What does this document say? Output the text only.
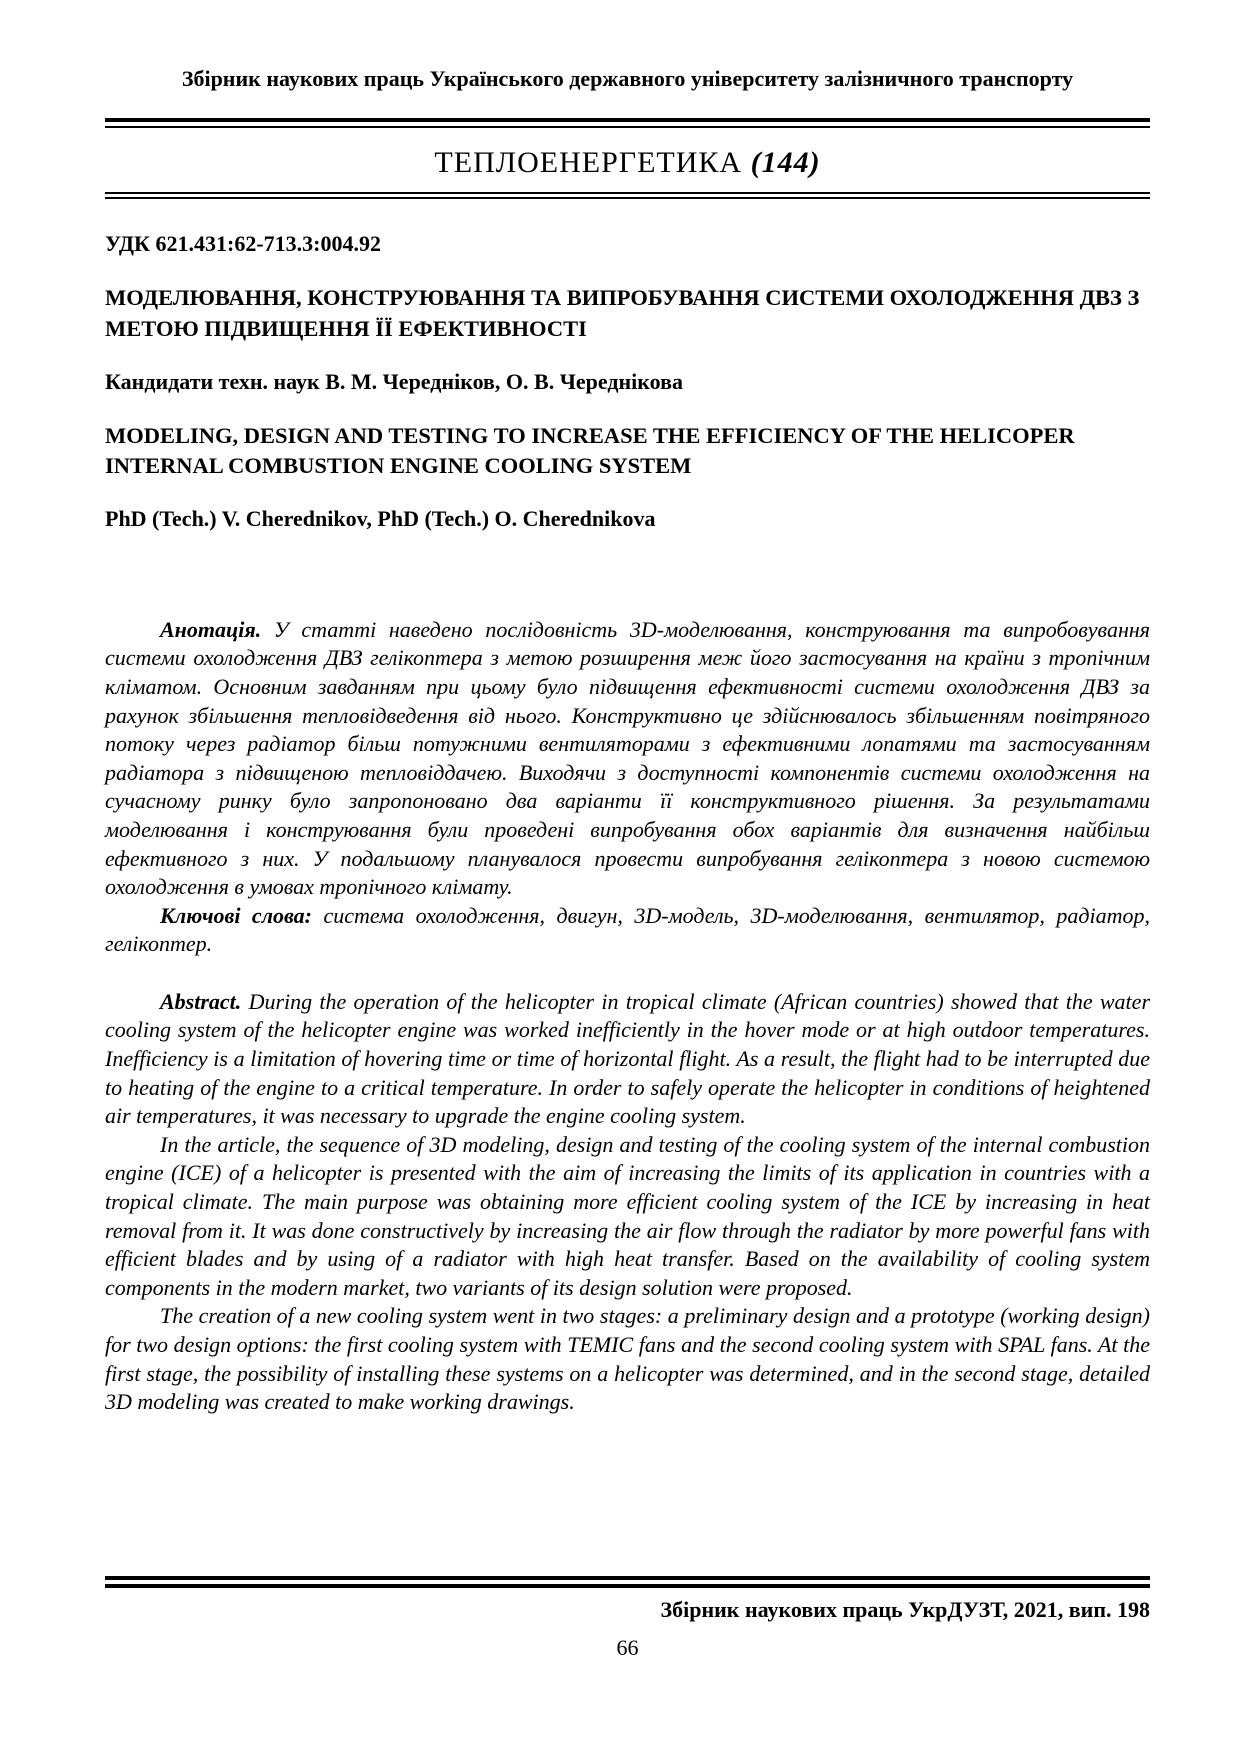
Збірник наукових праць Українського державного університету залізничного транспорту
ТЕПЛОЕНЕРГЕТИКА (144)
УДК 621.431:62-713.3:004.92
МОДЕЛЮВАННЯ, КОНСТРУЮВАННЯ ТА ВИПРОБУВАННЯ СИСТЕМИ ОХОЛОДЖЕННЯ ДВЗ З МЕТОЮ ПІДВИЩЕННЯ ЇЇ ЕФЕКТИВНОСТІ
Кандидати техн. наук В. М. Чередніков, О. В. Череднікова
MODELING, DESIGN AND TESTING TO INCREASE THE EFFICIENCY OF THE HELICOPER INTERNAL COMBUSTION ENGINE COOLING SYSTEM
PhD (Tech.) V. Cherednikov, PhD (Tech.) O. Cherednikova

Анотація. У статті наведено послідовність 3D-моделювання, конструювання та випробовування системи охолодження ДВЗ гелікоптера з метою розширення меж його застосування на країни з тропічним кліматом. Основним завданням при цьому було підвищення ефективності системи охолодження ДВЗ за рахунок збільшення тепловідведення від нього. Конструктивно це здійснювалось збільшенням повітряного потоку через радіатор більш потужними вентиляторами з ефективними лопатями та застосуванням радіатора з підвищеною тепловіддачею. Виходячи з доступності компонентів системи охолодження на сучасному ринку було запропоновано два варіанти її конструктивного рішення. За результатами моделювання і конструювання були проведені випробування обох варіантів для визначення найбільш ефективного з них. У подальшому планувалося провести випробування гелікоптера з новою системою охолодження в умовах тропічного клімату.

Ключові слова: система охолодження, двигун, 3D-модель, 3D-моделювання, вентилятор, радіатор, гелікоптер.

Abstract. During the operation of the helicopter in tropical climate (African countries) showed that the water cooling system of the helicopter engine was worked inefficiently in the hover mode or at high outdoor temperatures. Inefficiency is a limitation of hovering time or time of horizontal flight. As a result, the flight had to be interrupted due to heating of the engine to a critical temperature. In order to safely operate the helicopter in conditions of heightened air temperatures, it was necessary to upgrade the engine cooling system.

In the article, the sequence of 3D modeling, design and testing of the cooling system of the internal combustion engine (ICE) of a helicopter is presented with the aim of increasing the limits of its application in countries with a tropical climate. The main purpose was obtaining more efficient cooling system of the ICE by increasing in heat removal from it. It was done constructively by increasing the air flow through the radiator by more powerful fans with efficient blades and by using of a radiator with high heat transfer. Based on the availability of cooling system components in the modern market, two variants of its design solution were proposed.

The creation of a new cooling system went in two stages: a preliminary design and a prototype (working design) for two design options: the first cooling system with TEMIC fans and the second cooling system with SPAL fans. At the first stage, the possibility of installing these systems on a helicopter was determined, and in the second stage, detailed 3D modeling was created to make working drawings.

Збірник наукових праць УкрДУЗТ, 2021, вип. 198
66
